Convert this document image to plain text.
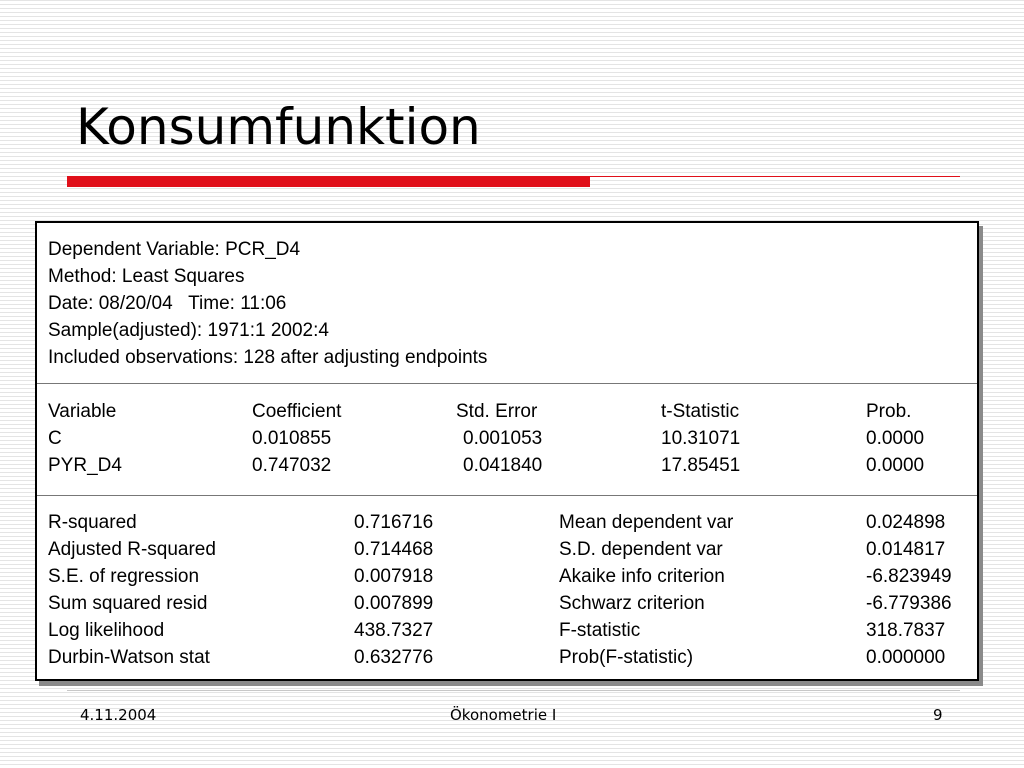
Konsumfunktion
Dependent Variable: PCR_D4
Method: Least Squares
Date: 08/20/04   Time: 11:06
Sample(adjusted): 1971:1 2002:4
Included observations: 128 after adjusting endpoints
Variable	Coefficient	Std. Error	t-Statistic	Prob.
C	0.010855	0.001053	10.31071	0.0000
PYR_D4	0.747032	0.041840	17.85451	0.0000
R-squared	0.716716	Mean dependent var	0.024898
Adjusted R-squared	0.714468	S.D. dependent var	0.014817
S.E. of regression	0.007918	Akaike info criterion	-6.823949
Sum squared resid	0.007899	Schwarz criterion	-6.779386
Log likelihood	438.7327	F-statistic	318.7837
Durbin-Watson stat	0.632776	Prob(F-statistic)	0.000000
4.11.2004	Ökonometrie I	9
